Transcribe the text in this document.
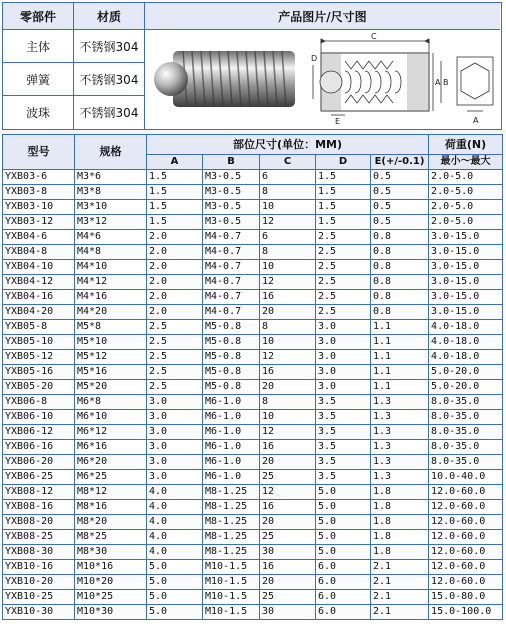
零部件	材质	产品图片/尺寸图
主体	不锈钢304
弹簧	不锈钢304
波珠	不锈钢304
C
A B
D
E	A
型号	规格	部位尺寸(单位：MM)					荷重(N)
		A	B	C	D	E(+/-0.1)	最小～最大
YXB03-6	M3*6	1.5	M3-0.5	6	1.5	0.5	2.0-5.0
YXB03-8	M3*8	1.5	M3-0.5	8	1.5	0.5	2.0-5.0
YXB03-10	M3*10	1.5	M3-0.5	10	1.5	0.5	2.0-5.0
YXB03-12	M3*12	1.5	M3-0.5	12	1.5	0.5	2.0-5.0
YXB04-6	M4*6	2.0	M4-0.7	6	2.5	0.8	3.0-15.0
YXB04-8	M4*8	2.0	M4-0.7	8	2.5	0.8	3.0-15.0
YXB04-10	M4*10	2.0	M4-0.7	10	2.5	0.8	3.0-15.0
YXB04-12	M4*12	2.0	M4-0.7	12	2.5	0.8	3.0-15.0
YXB04-16	M4*16	2.0	M4-0.7	16	2.5	0.8	3.0-15.0
YXB04-20	M4*20	2.0	M4-0.7	20	2.5	0.8	3.0-15.0
YXB05-8	M5*8	2.5	M5-0.8	8	3.0	1.1	4.0-18.0
YXB05-10	M5*10	2.5	M5-0.8	10	3.0	1.1	4.0-18.0
YXB05-12	M5*12	2.5	M5-0.8	12	3.0	1.1	4.0-18.0
YXB05-16	M5*16	2.5	M5-0.8	16	3.0	1.1	5.0-20.0
YXB05-20	M5*20	2.5	M5-0.8	20	3.0	1.1	5.0-20.0
YXB06-8	M6*8	3.0	M6-1.0	8	3.5	1.3	8.0-35.0
YXB06-10	M6*10	3.0	M6-1.0	10	3.5	1.3	8.0-35.0
YXB06-12	M6*12	3.0	M6-1.0	12	3.5	1.3	8.0-35.0
YXB06-16	M6*16	3.0	M6-1.0	16	3.5	1.3	8.0-35.0
YXB06-20	M6*20	3.0	M6-1.0	20	3.5	1.3	8.0-35.0
YXB06-25	M6*25	3.0	M6-1.0	25	3.5	1.3	10.0-40.0
YXB08-12	M8*12	4.0	M8-1.25	12	5.0	1.8	12.0-60.0
YXB08-16	M8*16	4.0	M8-1.25	16	5.0	1.8	12.0-60.0
YXB08-20	M8*20	4.0	M8-1.25	20	5.0	1.8	12.0-60.0
YXB08-25	M8*25	4.0	M8-1.25	25	5.0	1.8	12.0-60.0
YXB08-30	M8*30	4.0	M8-1.25	30	5.0	1.8	12.0-60.0
YXB10-16	M10*16	5.0	M10-1.5	16	6.0	2.1	12.0-60.0
YXB10-20	M10*20	5.0	M10-1.5	20	6.0	2.1	12.0-60.0
YXB10-25	M10*25	5.0	M10-1.5	25	6.0	2.1	15.0-80.0
YXB10-30	M10*30	5.0	M10-1.5	30	6.0	2.1	15.0-100.0
